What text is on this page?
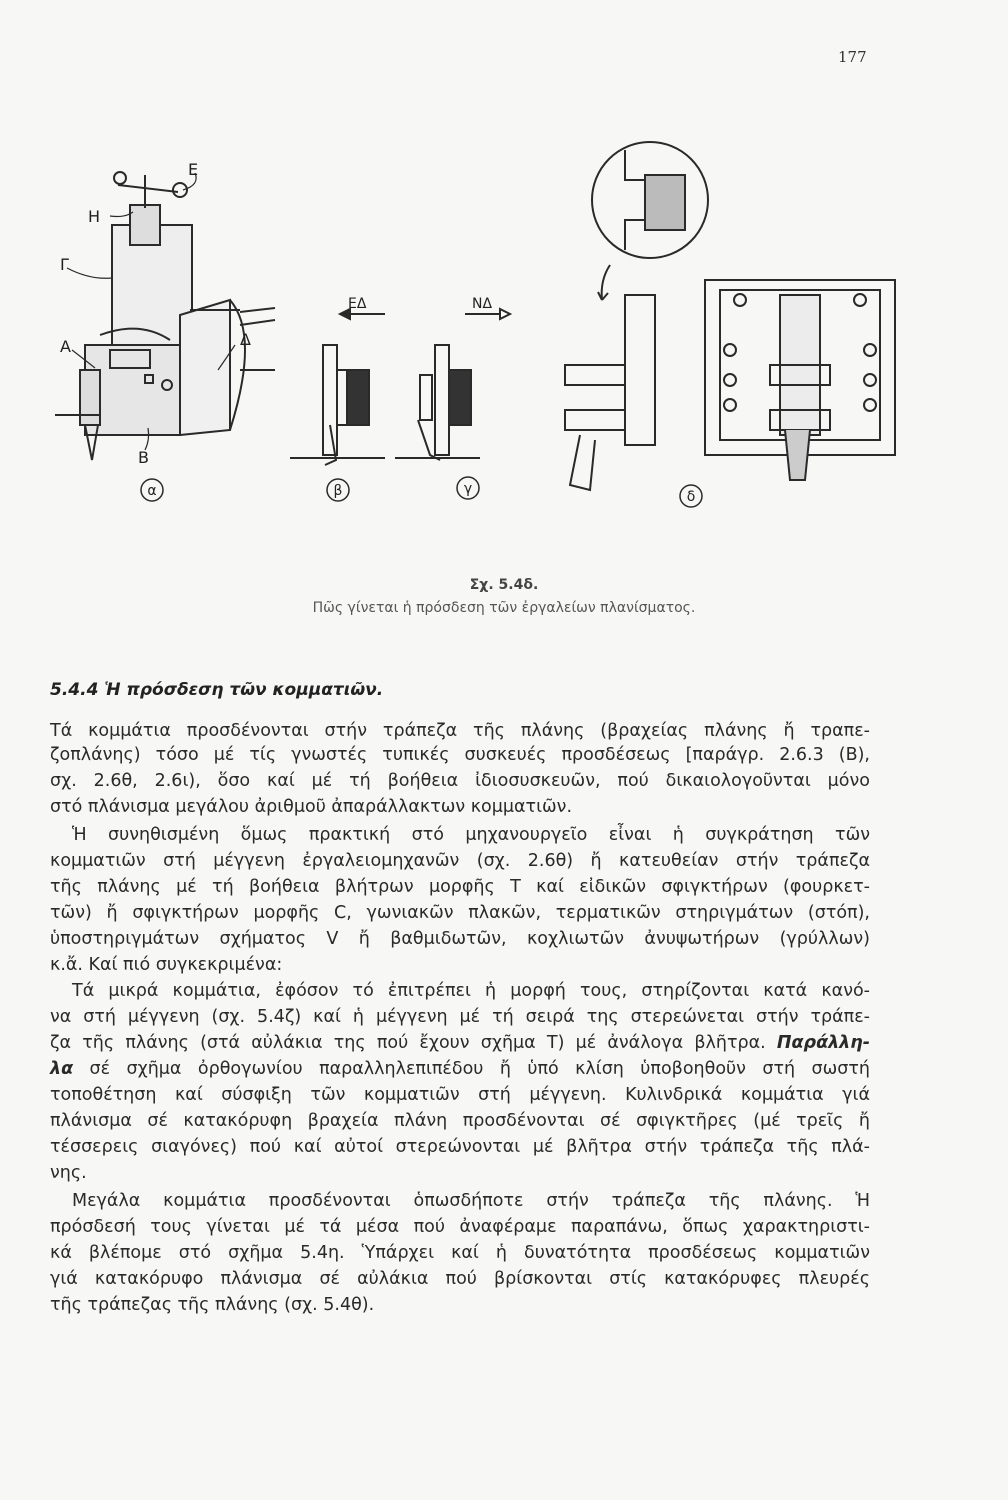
177
Ε
Η
Γ
Α	Δ
Β
ΕΔ	ΝΔ
α	β	γ	δ
Σχ. 5.4δ.
Πῶς γίνεται ἡ πρόσδεση τῶν ἐργαλείων πλανίσματος.
5.4.4 Ἡ πρόσδεση τῶν κομματιῶν.
Τά κομμάτια προσδένονται στήν τράπεζα τῆς πλάνης (βραχείας πλάνης ἤ τραπε-
ζοπλάνης) τόσο μέ τίς γνωστές τυπικές συσκευές προσδέσεως [παράγρ. 2.6.3 (Β),
σχ. 2.6θ, 2.6ι), ὅσο καί μέ τή βοήθεια ἰδιοσυσκευῶν, πού δικαιολογοῦνται μόνο
στό πλάνισμα μεγάλου ἀριθμοῦ ἀπαράλλακτων κομματιῶν.
Ἡ συνηθισμένη ὅμως πρακτική στό μηχανουργεῖο εἶναι ἡ συγκράτηση τῶν
κομματιῶν στή μέγγενη ἐργαλειομηχανῶν (σχ. 2.6θ) ἤ κατευθείαν στήν τράπεζα
τῆς πλάνης μέ τή βοήθεια βλήτρων μορφῆς Τ καί εἰδικῶν σφιγκτήρων (φουρκετ-
τῶν) ἤ σφιγκτήρων μορφῆς C, γωνιακῶν πλακῶν, τερματικῶν στηριγμάτων (στόπ),
ὑποστηριγμάτων σχήματος V ἤ βαθμιδωτῶν, κοχλιωτῶν ἀνυψωτήρων (γρύλλων)
κ.ἄ. Καί πιό συγκεκριμένα:
Τά μικρά κομμάτια, ἐφόσον τό ἐπιτρέπει ἡ μορφή τους, στηρίζονται κατά κανό-
να στή μέγγενη (σχ. 5.4ζ) καί ἡ μέγγενη μέ τή σειρά της στερεώνεται στήν τράπε-
ζα τῆς πλάνης (στά αὐλάκια της πού ἔχουν σχῆμα Τ) μέ ἀνάλογα βλῆτρα. Παράλλη-
λα σέ σχῆμα ὀρθογωνίου παραλληλεπιπέδου ἤ ὑπό κλίση ὑποβοηθοῦν στή σωστή
τοποθέτηση καί σύσφιξη τῶν κομματιῶν στή μέγγενη. Κυλινδρικά κομμάτια γιά
πλάνισμα σέ κατακόρυφη βραχεία πλάνη προσδένονται σέ σφιγκτῆρες (μέ τρεῖς ἤ
τέσσερεις σιαγόνες) πού καί αὐτοί στερεώνονται μέ βλῆτρα στήν τράπεζα τῆς πλά-
νης.
Μεγάλα κομμάτια προσδένονται ὁπωσδήποτε στήν τράπεζα τῆς πλάνης. Ἡ
πρόσδεσή τους γίνεται μέ τά μέσα πού ἀναφέραμε παραπάνω, ὅπως χαρακτηριστι-
κά βλέπομε στό σχῆμα 5.4η. Ὑπάρχει καί ἡ δυνατότητα προσδέσεως κομματιῶν
γιά κατακόρυφο πλάνισμα σέ αὐλάκια πού βρίσκονται στίς κατακόρυφες πλευρές
τῆς τράπεζας τῆς πλάνης (σχ. 5.4θ).
